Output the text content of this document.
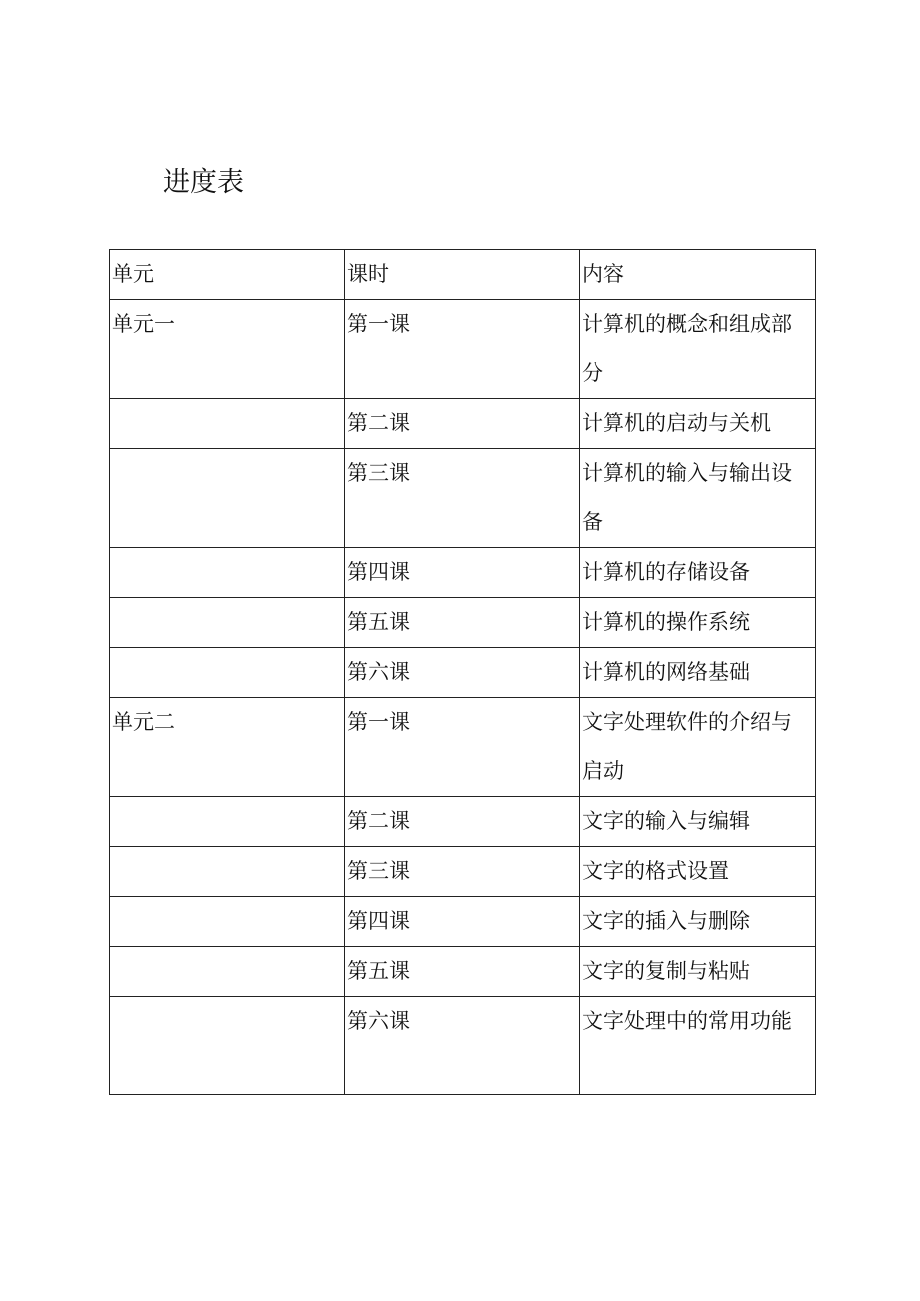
进度表
单元	课时	内容
单元一	第一课	计算机的概念和组成部分
	第二课	计算机的启动与关机
	第三课	计算机的输入与输出设备
	第四课	计算机的存储设备
	第五课	计算机的操作系统
	第六课	计算机的网络基础
单元二	第一课	文字处理软件的介绍与启动
	第二课	文字的输入与编辑
	第三课	文字的格式设置
	第四课	文字的插入与删除
	第五课	文字的复制与粘贴
	第六课	文字处理中的常用功能
